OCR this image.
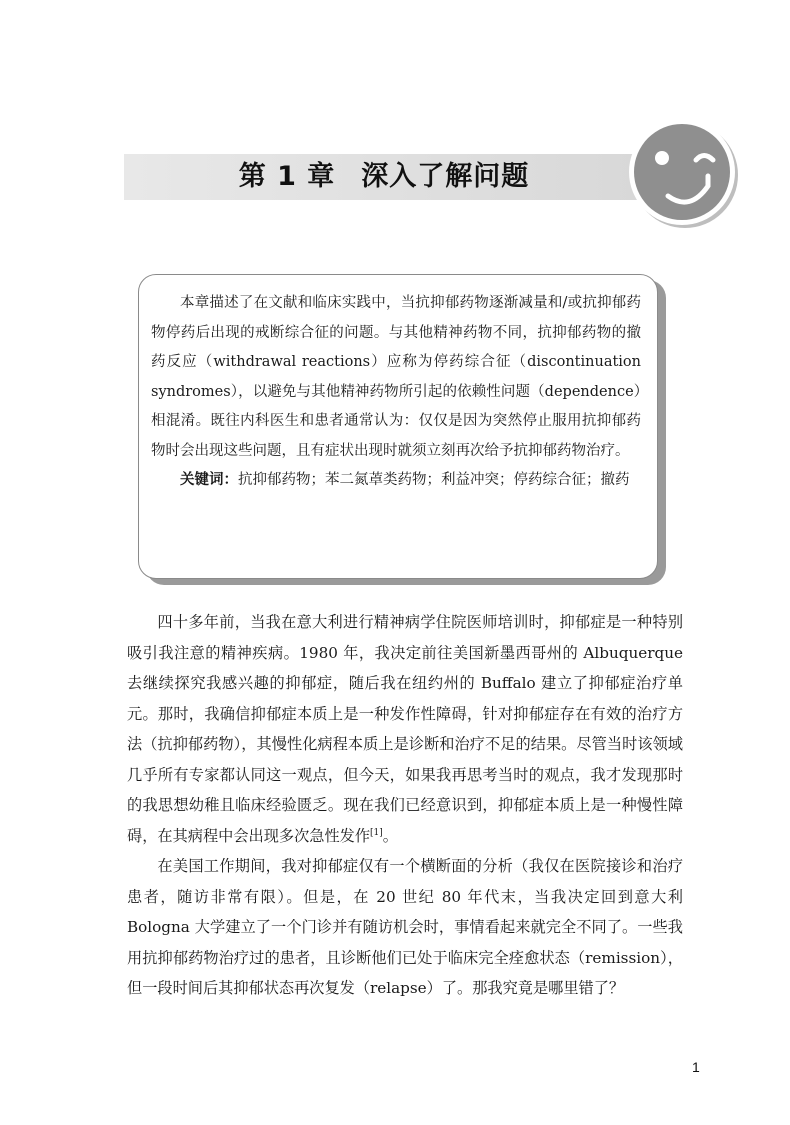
第 1 章 深入了解问题

本章描述了在文献和临床实践中，当抗抑郁药物逐渐减量和/或抗抑郁药物停药后出现的戒断综合征的问题。与其他精神药物不同，抗抑郁药物的撤药反应（withdrawal reactions）应称为停药综合征（discontinuation syndromes），以避免与其他精神药物所引起的依赖性问题（dependence）相混淆。既往内科医生和患者通常认为：仅仅是因为突然停止服用抗抑郁药物时会出现这些问题，且有症状出现时就须立刻再次给予抗抑郁药物治疗。

关键词：抗抑郁药物；苯二氮䓬类药物；利益冲突；停药综合征；撤药

四十多年前，当我在意大利进行精神病学住院医师培训时，抑郁症是一种特别吸引我注意的精神疾病。1980 年，我决定前往美国新墨西哥州的 Albuquerque 去继续探究我感兴趣的抑郁症，随后我在纽约州的 Buffalo 建立了抑郁症治疗单元。那时，我确信抑郁症本质上是一种发作性障碍，针对抑郁症存在有效的治疗方法（抗抑郁药物），其慢性化病程本质上是诊断和治疗不足的结果。尽管当时该领域几乎所有专家都认同这一观点，但今天，如果我再思考当时的观点，我才发现那时的我思想幼稚且临床经验匮乏。现在我们已经意识到，抑郁症本质上是一种慢性障碍，在其病程中会出现多次急性发作[1]。

在美国工作期间，我对抑郁症仅有一个横断面的分析（我仅在医院接诊和治疗患者，随访非常有限）。但是，在 20 世纪 80 年代末，当我决定回到意大利 Bologna 大学建立了一个门诊并有随访机会时，事情看起来就完全不同了。一些我用抗抑郁药物治疗过的患者，且诊断他们已处于临床完全痊愈状态（remission），但一段时间后其抑郁状态再次复发（relapse）了。那我究竟是哪里错了？

1
